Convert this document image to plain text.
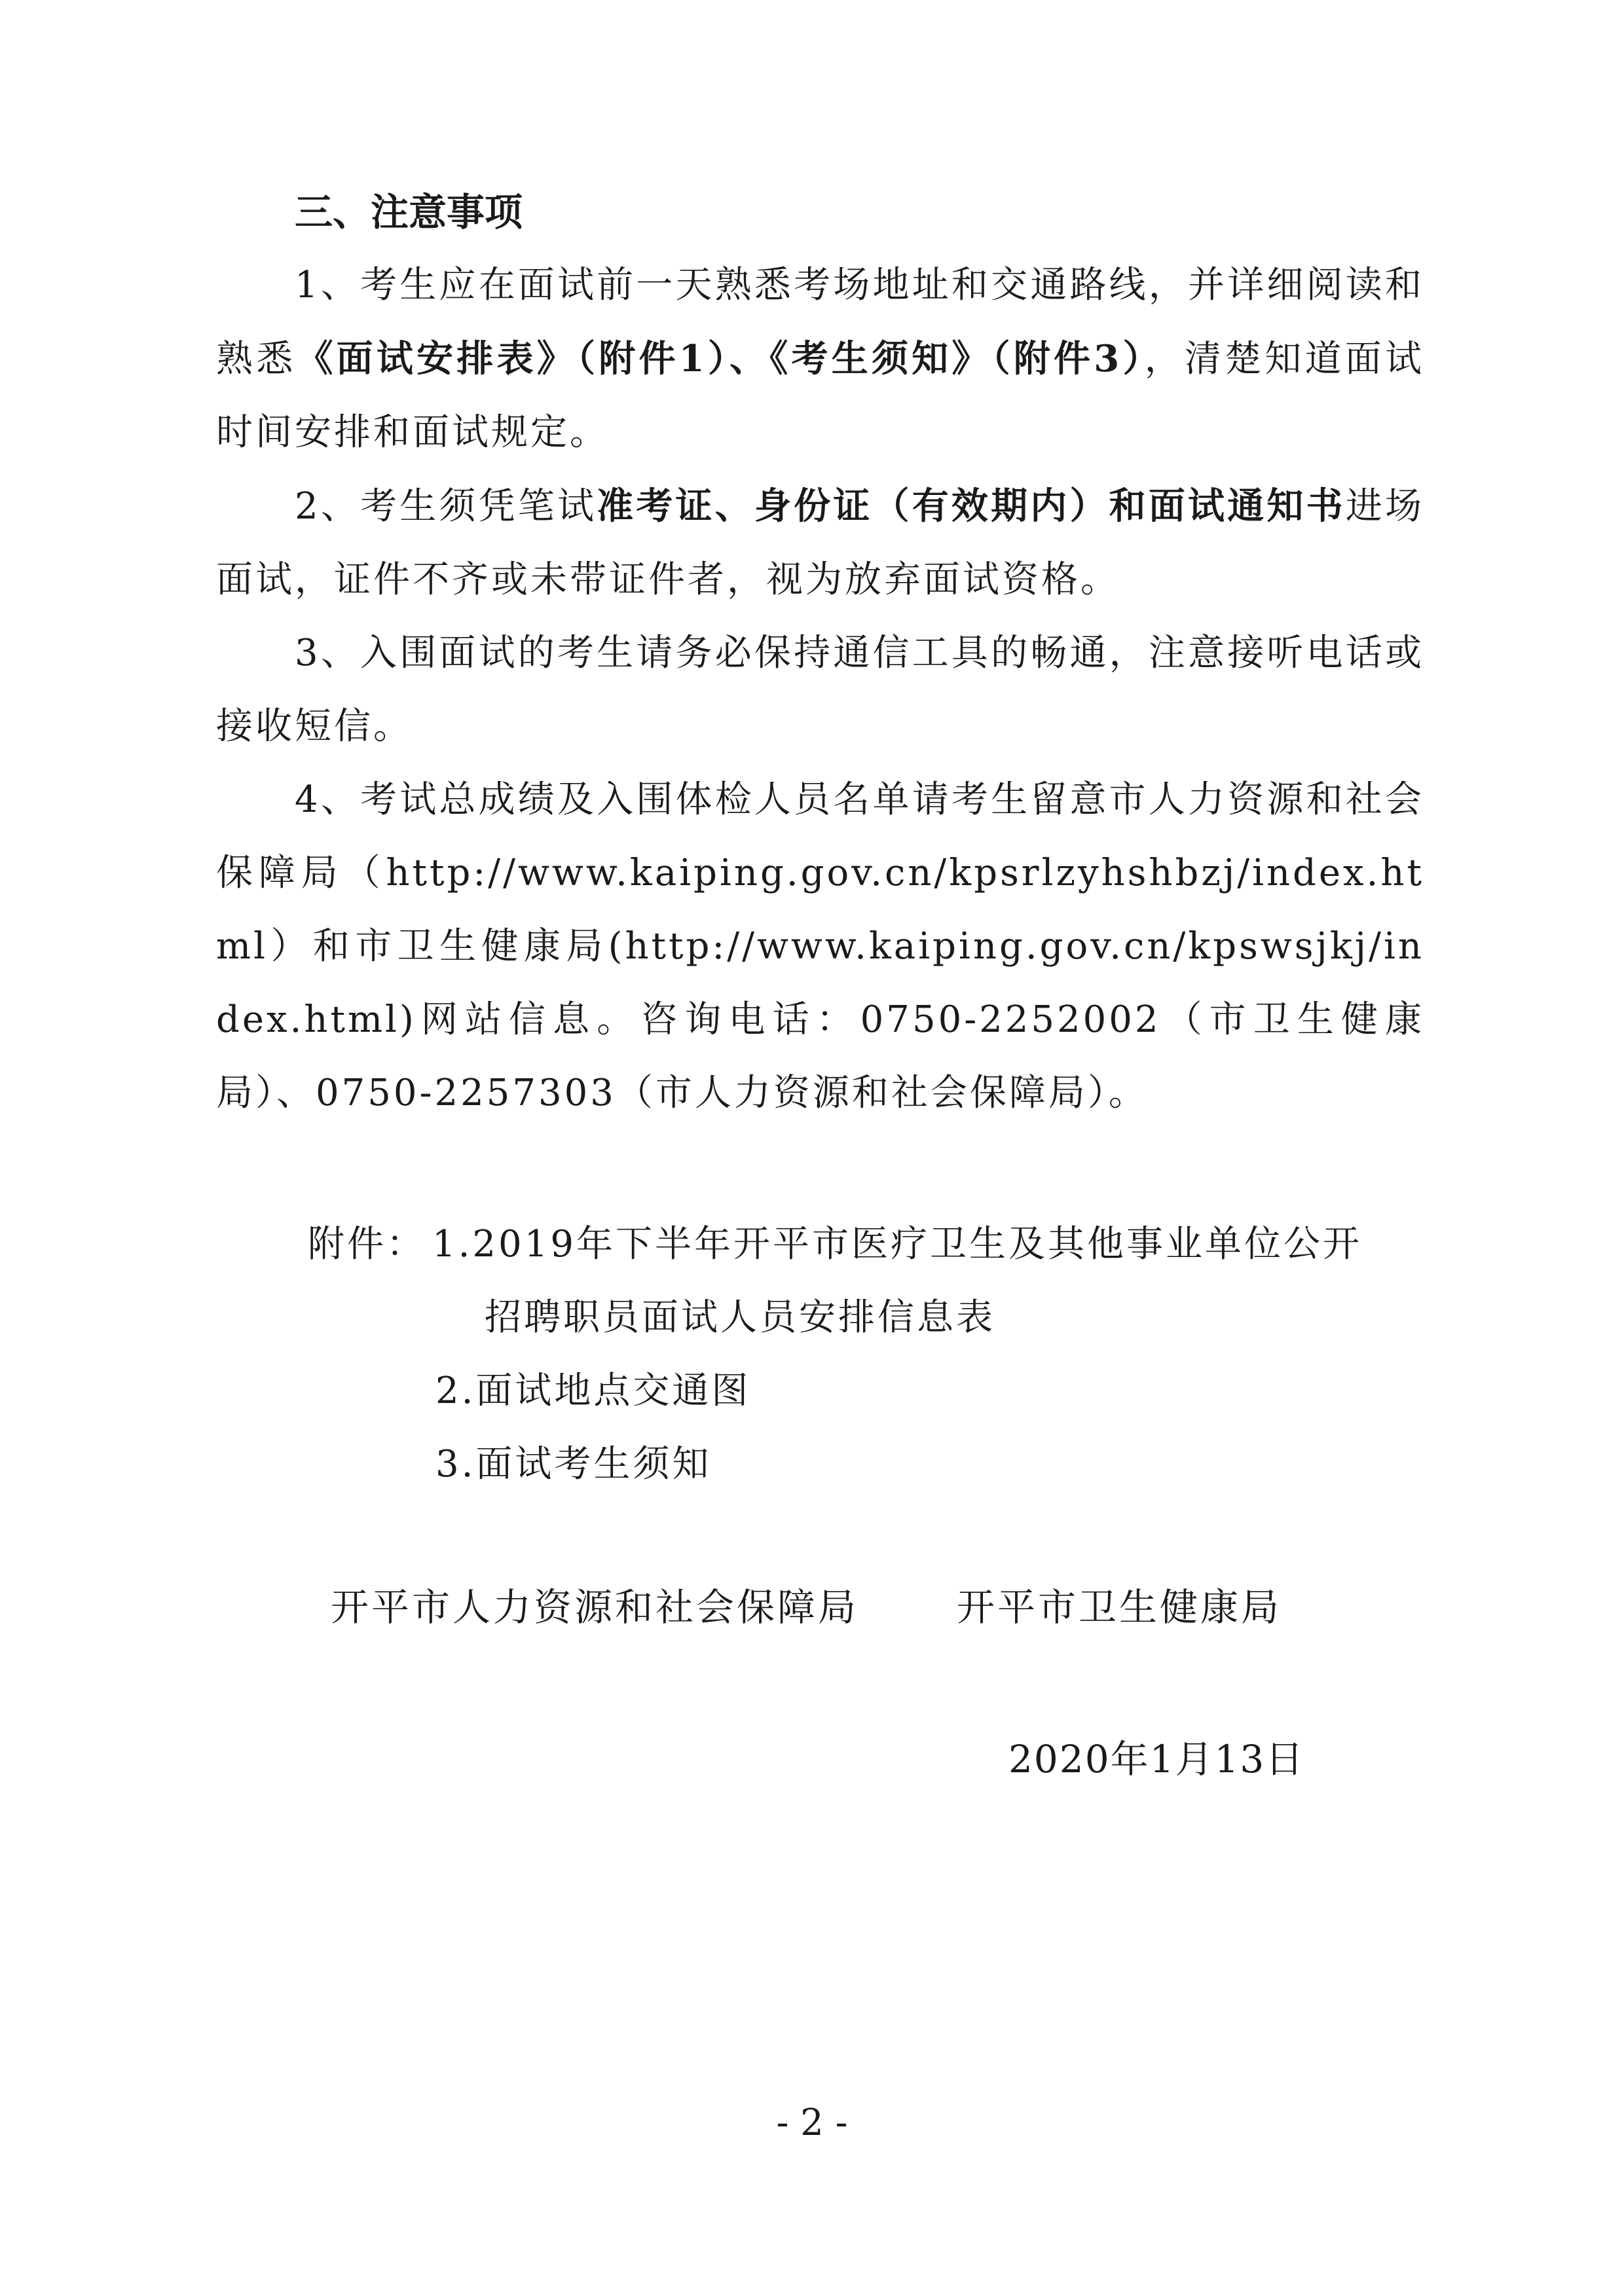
三、注意事项
1、考生应在面试前一天熟悉考场地址和交通路线，并详细阅读和熟悉《面试安排表》（附件1）、《考生须知》（附件3），清楚知道面试时间安排和面试规定。
2、考生须凭笔试准考证、身份证（有效期内）和面试通知书进场面试，证件不齐或未带证件者，视为放弃面试资格。
3、入围面试的考生请务必保持通信工具的畅通，注意接听电话或接收短信。
4、考试总成绩及入围体检人员名单请考生留意市人力资源和社会保障局（http://www.kaiping.gov.cn/kpsrlzyhshbzj/index.html）和市卫生健康局(http://www.kaiping.gov.cn/kpswsjkj/index.html)网站信息。咨询电话：0750-2252002（市卫生健康局）、0750-2257303（市人力资源和社会保障局）。
附件： 1.2019年下半年开平市医疗卫生及其他事业单位公开
招聘职员面试人员安排信息表
2.面试地点交通图
3.面试考生须知
开平市人力资源和社会保障局	开平市卫生健康局
2020年1月13日
- 2 -
